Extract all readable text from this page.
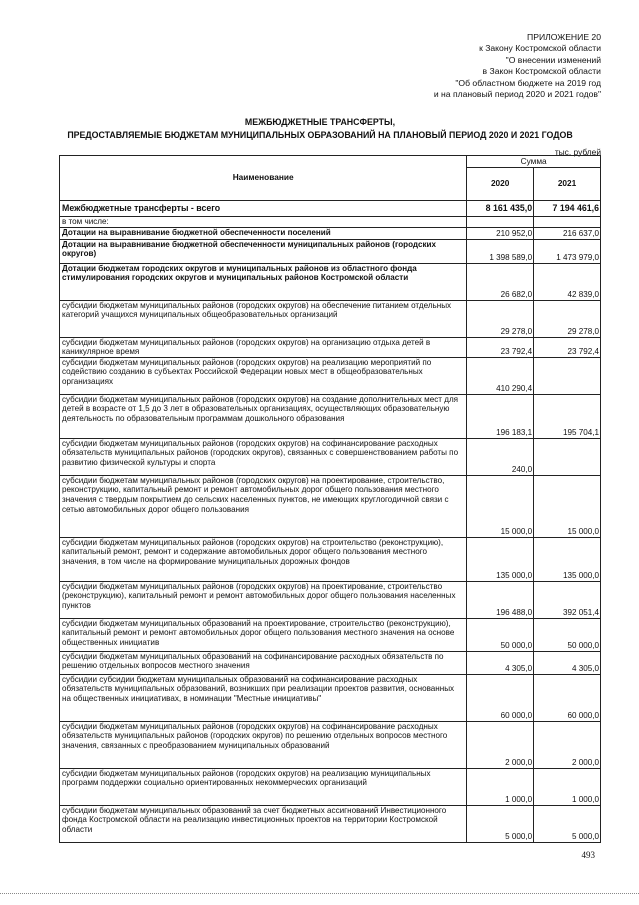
ПРИЛОЖЕНИЕ 20
к Закону Костромской области
"О внесении изменений
в Закон Костромской области
"Об областном бюджете на 2019 год
и на плановый период 2020 и 2021 годов"
МЕЖБЮДЖЕТНЫЕ ТРАНСФЕРТЫ,
ПРЕДОСТАВЛЯЕМЫЕ БЮДЖЕТАМ МУНИЦИПАЛЬНЫХ ОБРАЗОВАНИЙ НА ПЛАНОВЫЙ ПЕРИОД 2020 И 2021 ГОДОВ
тыс. рублей
Наименование	Сумма	
	2020	2021
Межбюджетные трансферты - всего	8 161 435,0	7 194 461,6
в том числе:		
Дотации на выравнивание бюджетной обеспеченности поселений	210 952,0	216 637,0
Дотации на выравнивание бюджетной обеспеченности муниципальных районов (городских округов)	1 398 589,0	1 473 979,0
Дотации бюджетам городских округов и муниципальных районов из областного фонда стимулирования городских округов и муниципальных районов Костромской области	26 682,0	42 839,0
субсидии бюджетам муниципальных районов (городских округов) на обеспечение питанием отдельных категорий учащихся муниципальных общеобразовательных организаций	29 278,0	29 278,0
субсидии бюджетам муниципальных районов (городских округов) на организацию отдыха детей в каникулярное время	23 792,4	23 792,4
субсидии бюджетам муниципальных районов (городских округов) на реализацию мероприятий по содействию созданию в субъектах Российской Федерации новых мест в общеобразовательных организациях	410 290,4	
субсидии бюджетам муниципальных районов (городских округов) на создание дополнительных мест для детей в возрасте от 1,5 до 3 лет в образовательных организациях, осуществляющих образовательную деятельность по образовательным программам дошкольного образования	196 183,1	195 704,1
субсидии бюджетам муниципальных районов (городских округов) на софинансирование расходных обязательств муниципальных районов (городских округов), связанных с совершенствованием работы по развитию физической культуры и спорта	240,0	
субсидии бюджетам муниципальных районов (городских округов) на проектирование, строительство, реконструкцию, капитальный ремонт и ремонт автомобильных дорог общего пользования местного значения с твердым покрытием до сельских населенных пунктов, не имеющих круглогодичной связи с сетью автомобильных дорог общего пользования	15 000,0	15 000,0
субсидии бюджетам муниципальных районов (городских округов) на строительство (реконструкцию), капитальный ремонт, ремонт и содержание автомобильных дорог общего пользования местного значения, в том числе на формирование муниципальных дорожных фондов	135 000,0	135 000,0
субсидии бюджетам муниципальных районов (городских округов) на проектирование, строительство (реконструкцию), капитальный ремонт и ремонт автомобильных дорог общего пользования населенных пунктов	196 488,0	392 051,4
субсидии бюджетам муниципальных образований на проектирование, строительство (реконструкцию), капитальный ремонт и ремонт автомобильных дорог общего пользования местного значения на основе общественных инициатив	50 000,0	50 000,0
субсидии бюджетам муниципальных образований на софинансирование расходных обязательств по решению отдельных вопросов местного значения	4 305,0	4 305,0
субсидии субсидии бюджетам муниципальных образований на софинансирование расходных обязательств муниципальных образований, возникших при реализации проектов развития, основанных на общественных инициативах, в номинации "Местные инициативы"	60 000,0	60 000,0
субсидии бюджетам муниципальных районов (городских округов) на софинансирование расходных обязательств муниципальных районов (городских округов) по решению отдельных вопросов местного значения, связанных с преобразованием муниципальных образований	2 000,0	2 000,0
субсидии бюджетам муниципальных районов (городских округов) на реализацию муниципальных программ поддержки социально ориентированных некоммерческих организаций	1 000,0	1 000,0
субсидии бюджетам муниципальных образований за счет бюджетных ассигнований Инвестиционного фонда Костромской области на реализацию инвестиционных проектов на территории Костромской области	5 000,0	5 000,0
493
